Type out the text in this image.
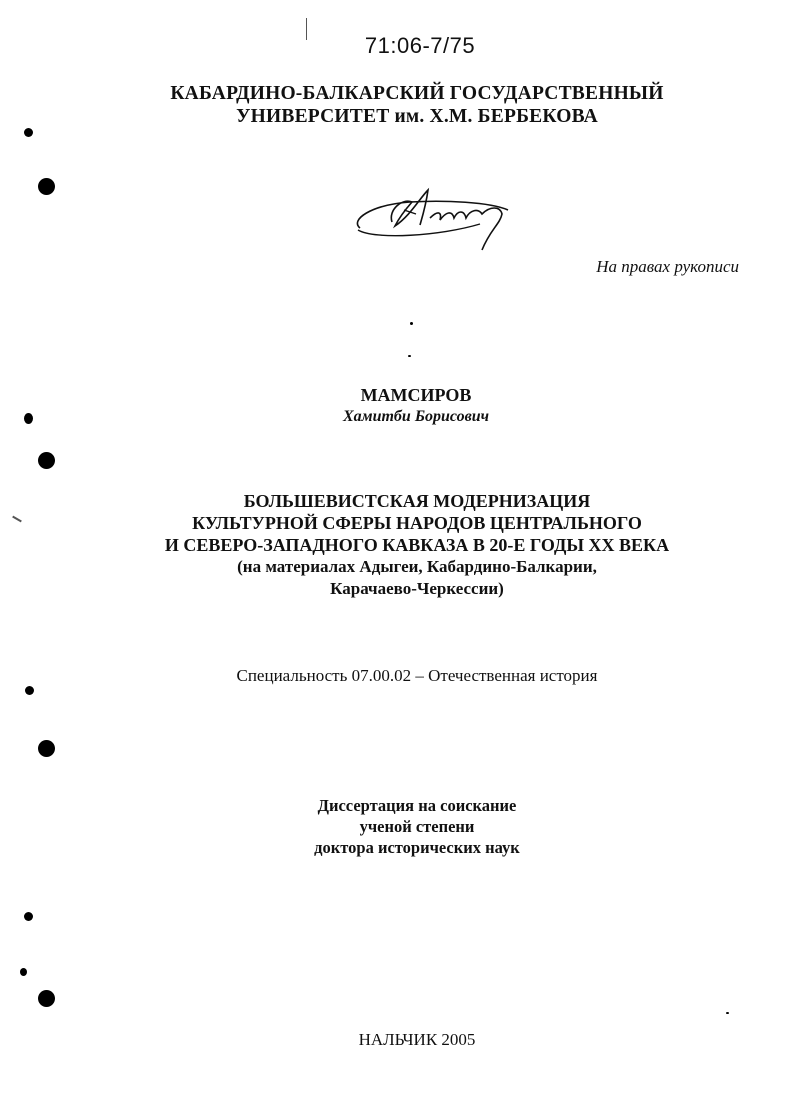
71:06-7/75
КАБАРДИНО-БАЛКАРСКИЙ ГОСУДАРСТВЕННЫЙ
УНИВЕРСИТЕТ им. Х.М. БЕРБЕКОВА
На правах рукописи
МАМСИРОВ
Хамитби Борисович
БОЛЬШЕВИСТСКАЯ МОДЕРНИЗАЦИЯ
КУЛЬТУРНОЙ СФЕРЫ НАРОДОВ ЦЕНТРАЛЬНОГО
И СЕВЕРО-ЗАПАДНОГО КАВКАЗА В 20-Е ГОДЫ XX ВЕКА
(на материалах Адыгеи, Кабардино-Балкарии,
Карачаево-Черкессии)
Специальность 07.00.02 – Отечественная история
Диссертация на соискание
ученой степени
доктора исторических наук
НАЛЬЧИК 2005
